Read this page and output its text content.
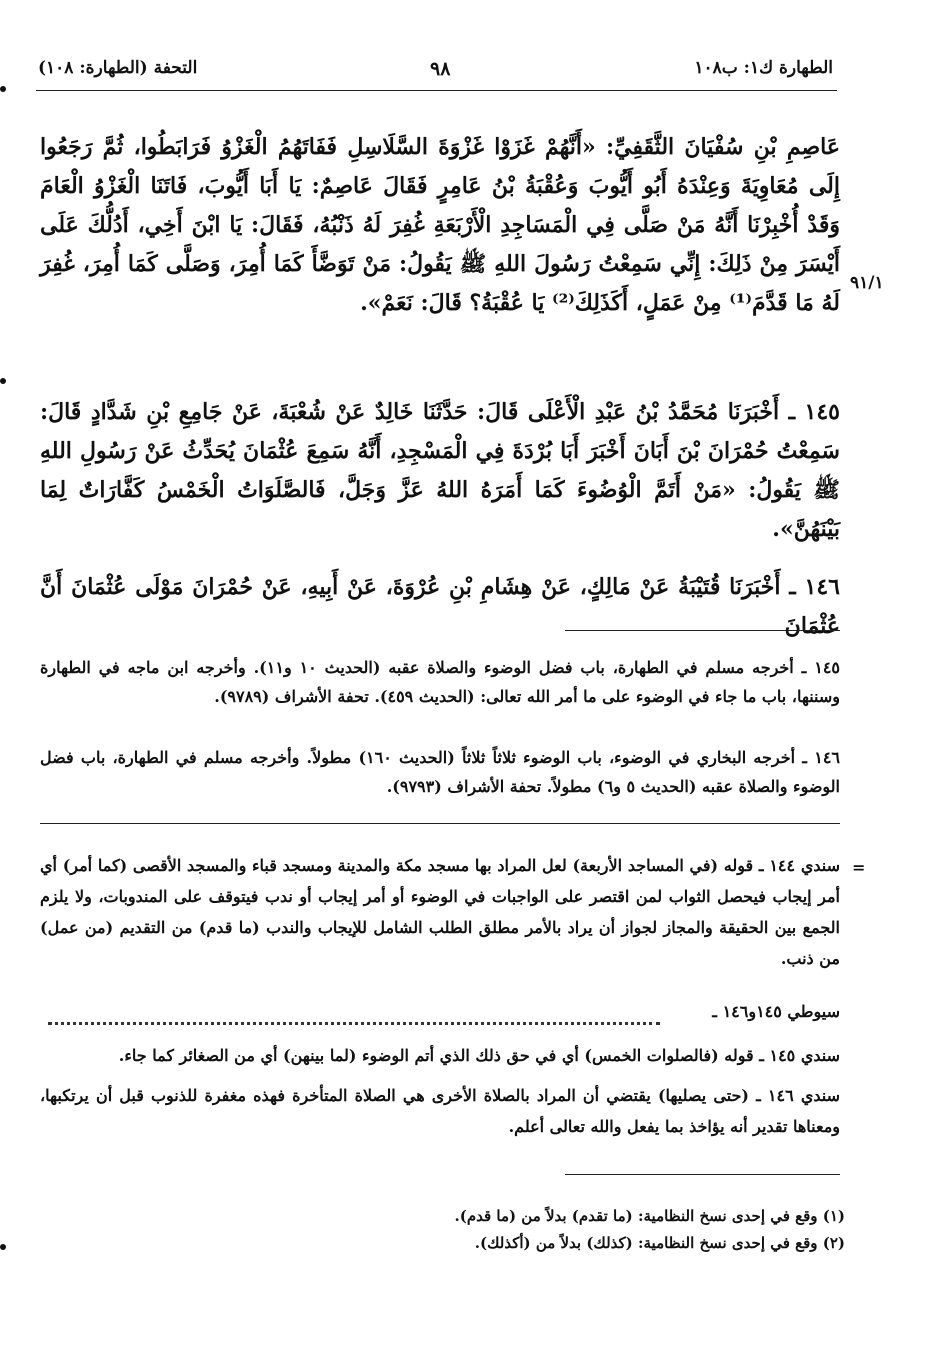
الطهارة ك١: ب١٠٨
٩٨
التحفة (الطهارة: ١٠٨)
٩١/١
عَاصِمِ بْنِ سُفْيَانَ الثَّقَفِيِّ: «أَنَّهُمْ غَزَوْا غَزْوَةَ السَّلَاسِلِ فَفَاتَهُمُ الْغَزْوُ فَرَابَطُوا، ثُمَّ رَجَعُوا إِلَى مُعَاوِيَةَ وَعِنْدَهُ أَبُو أَيُّوبَ وَعُقْبَةُ بْنُ عَامِرٍ فَقَالَ عَاصِمٌ: يَا أَبَا أَيُّوبَ، فَاتَنَا الْغَزْوُ الْعَامَ وَقَدْ أُخْبِرْنَا أَنَّهُ مَنْ صَلَّى فِي الْمَسَاجِدِ الْأَرْبَعَةِ غُفِرَ لَهُ ذَنْبُهُ، فَقَالَ: يَا ابْنَ أَخِي، أَدُلُّكَ عَلَى أَيْسَرَ مِنْ ذَلِكَ: إِنِّي سَمِعْتُ رَسُولَ اللهِ ﷺ يَقُولُ: مَنْ تَوَضَّأَ كَمَا أُمِرَ، وَصَلَّى كَمَا أُمِرَ، غُفِرَ لَهُ مَا قَدَّمَ⁽¹⁾ مِنْ عَمَلٍ، أَكَذَلِكَ⁽²⁾ يَا عُقْبَةُ؟ قَالَ: نَعَمْ».
١٤٥ ـ أَخْبَرَنَا مُحَمَّدُ بْنُ عَبْدِ الْأَعْلَى قَالَ: حَدَّثَنَا خَالِدٌ عَنْ شُعْبَةَ، عَنْ جَامِعِ بْنِ شَدَّادٍ قَالَ: سَمِعْتُ حُمْرَانَ بْنَ أَبَانَ أَخْبَرَ أَبَا بُرْدَةَ فِي الْمَسْجِدِ، أَنَّهُ سَمِعَ عُثْمَانَ يُحَدِّثُ عَنْ رَسُولِ اللهِ ﷺ يَقُولُ: «مَنْ أَتَمَّ الْوُضُوءَ كَمَا أَمَرَهُ اللهُ عَزَّ وَجَلَّ، فَالصَّلَوَاتُ الْخَمْسُ كَفَّارَاتٌ لِمَا بَيْنَهُنَّ».
١٤٦ ـ أَخْبَرَنَا قُتَيْبَةُ عَنْ مَالِكٍ، عَنْ هِشَامِ بْنِ عُرْوَةَ، عَنْ أَبِيهِ، عَنْ حُمْرَانَ مَوْلَى عُثْمَانَ أَنَّ عُثْمَانَ
١٤٥ ـ أخرجه مسلم في الطهارة، باب فضل الوضوء والصلاة عقبه (الحديث ١٠ و١١). وأخرجه ابن ماجه في الطهارة وسننها، باب ما جاء في الوضوء على ما أمر الله تعالى: (الحديث ٤٥٩). تحفة الأشراف (٩٧٨٩).
١٤٦ ـ أخرجه البخاري في الوضوء، باب الوضوء ثلاثاً ثلاثاً (الحديث ١٦٠) مطولاً. وأخرجه مسلم في الطهارة، باب فضل الوضوء والصلاة عقبه (الحديث ٥ و٦) مطولاً. تحفة الأشراف (٩٧٩٣).
=
سندي ١٤٤ ـ قوله (في المساجد الأربعة) لعل المراد بها مسجد مكة والمدينة ومسجد قباء والمسجد الأقصى (كما أمر) أي أمر إيجاب فيحصل الثواب لمن اقتصر على الواجبات في الوضوء أو أمر إيجاب أو ندب فيتوقف على المندوبات، ولا يلزم الجمع بين الحقيقة والمجاز لجواز أن يراد بالأمر مطلق الطلب الشامل للإيجاب والندب (ما قدم) من التقديم (من عمل) من ذنب.
سيوطي ١٤٥و١٤٦ ـ
سندي ١٤٥ ـ قوله (فالصلوات الخمس) أي في حق ذلك الذي أتم الوضوء (لما بينهن) أي من الصغائر كما جاء.
سندي ١٤٦ ـ (حتى يصليها) يقتضي أن المراد بالصلاة الأخرى هي الصلاة المتأخرة فهذه مغفرة للذنوب قبل أن يرتكبها، ومعناها تقدير أنه يؤاخذ بما يفعل والله تعالى أعلم.
(١) وقع في إحدى نسخ النظامية: (ما تقدم) بدلاً من (ما قدم).
(٢) وقع في إحدى نسخ النظامية: (كذلك) بدلاً من (أكذلك).
